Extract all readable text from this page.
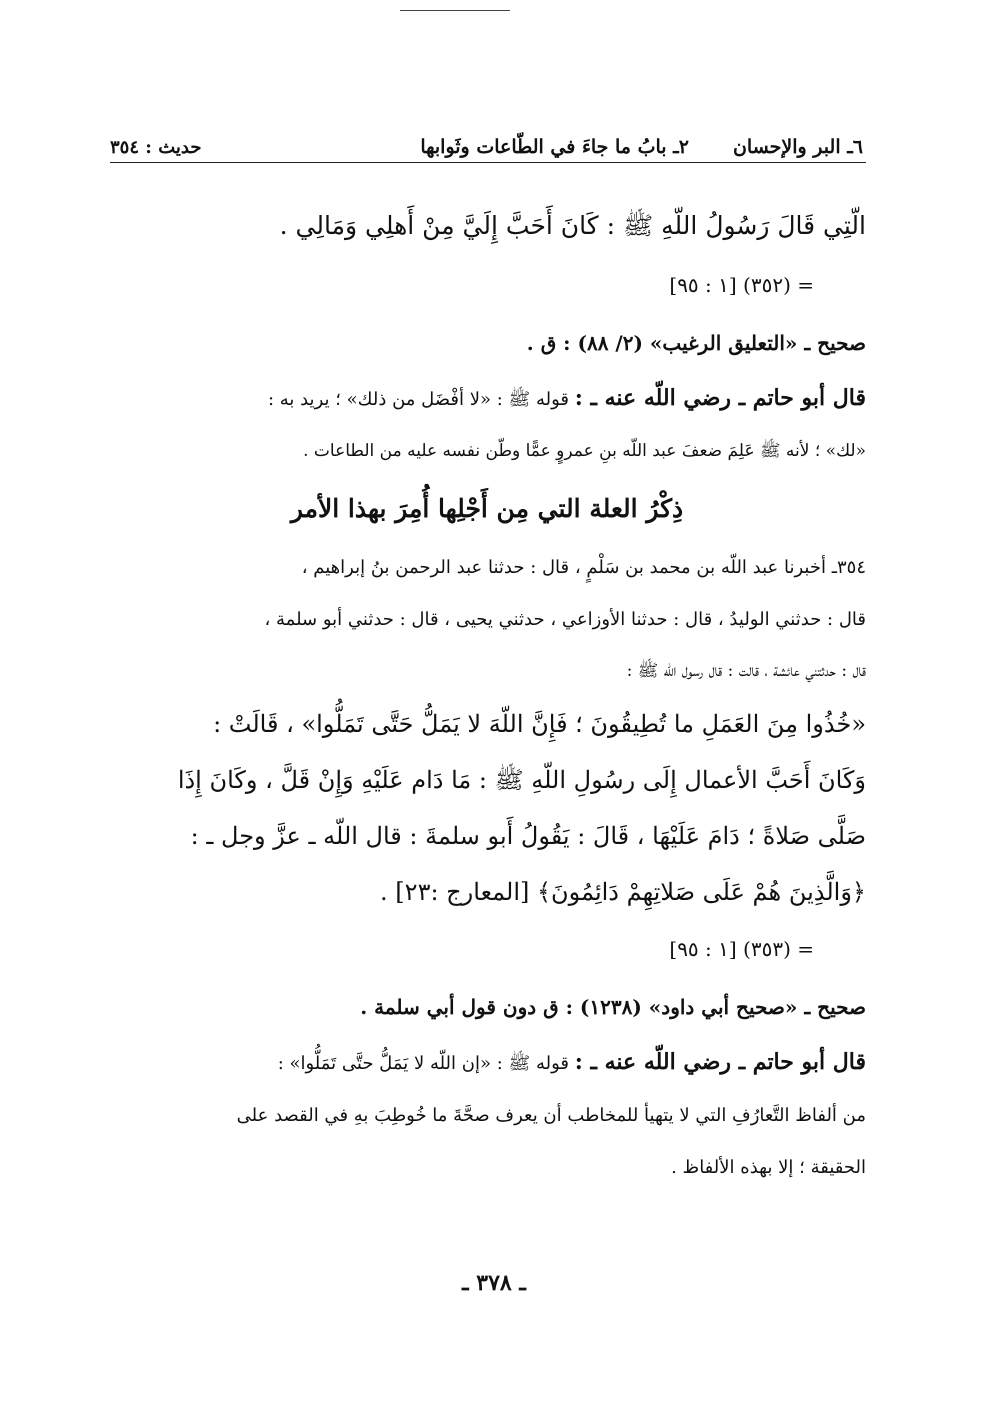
٦ـ البر والإحسان
٢ـ بابُ ما جاءَ في الطّاعات وثَوابها
حديث : ٣٥٤

الّتِي قَالَ رَسُولُ اللّهِ ﷺ : كَانَ أَحَبَّ إِلَيَّ مِنْ أَهلِي وَمَالِي .

= (٣٥٢) [١ : ٩٥]

صحيح ـ «التعليق الرغيب» (٢/ ٨٨) : ق .

قال أبو حاتم ـ رضي اللّه عنه ـ : قوله ﷺ : «لا أفْضَل من ذلك» ؛ يريد به :

«لك» ؛ لأنه ﷺ عَلِمَ ضعفَ عبد اللّه بنِ عمروٍ عمًّا وطّن نفسه عليه من الطاعات .

ذِكْرُ العلة التي مِن أَجْلِها أُمِرَ بهذا الأمر

٣٥٤ـ أخبرنا عبد اللّه بن محمد بن سَلْمٍ ، قال : حدثنا عبد الرحمن بنُ إبراهيم ،

قال : حدثني الوليدُ ، قال : حدثنا الأوزاعي ، حدثني يحيى ، قال : حدثني أبو سلمة ،

قال : حدثتني عائشة ، قالت : قال رسول اللّه ﷺ :

«خُذُوا مِنَ العَمَلِ ما تُطِيقُونَ ؛ فَإِنَّ اللّهَ لا يَمَلُّ حَتَّى تَمَلُّوا» ، قَالَتْ :

وَكَانَ أَحَبَّ الأعمال إِلَى رسُولِ اللّهِ ﷺ : مَا دَام عَلَيْهِ وَإِنْ قَلَّ ، وكَانَ إِذَا

صَلَّى صَلاةً ؛ دَامَ عَلَيْهَا ، قَالَ : يَقُولُ أَبو سلمةَ : قال اللّه ـ عزَّ وجل ـ :

﴿وَالَّذِينَ هُمْ عَلَى صَلاتِهِمْ دَائِمُونَ﴾ [المعارج :٢٣] .

= (٣٥٣) [١ : ٩٥]

صحيح ـ «صحيح أبي داود» (١٢٣٨) : ق دون قول أبي سلمة .

قال أبو حاتم ـ رضي اللّه عنه ـ : قوله ﷺ : «إن اللّه لا يَمَلُّ حتَّى تَمَلُّوا» :

من ألفاظ التَّعارُفِ التي لا يتهيأ للمخاطب أن يعرف صحَّةَ ما خُوطِبَ بهِ في القصد على

الحقيقة ؛ إلا بهذه الألفاظ .

ـ ٣٧٨ ـ
